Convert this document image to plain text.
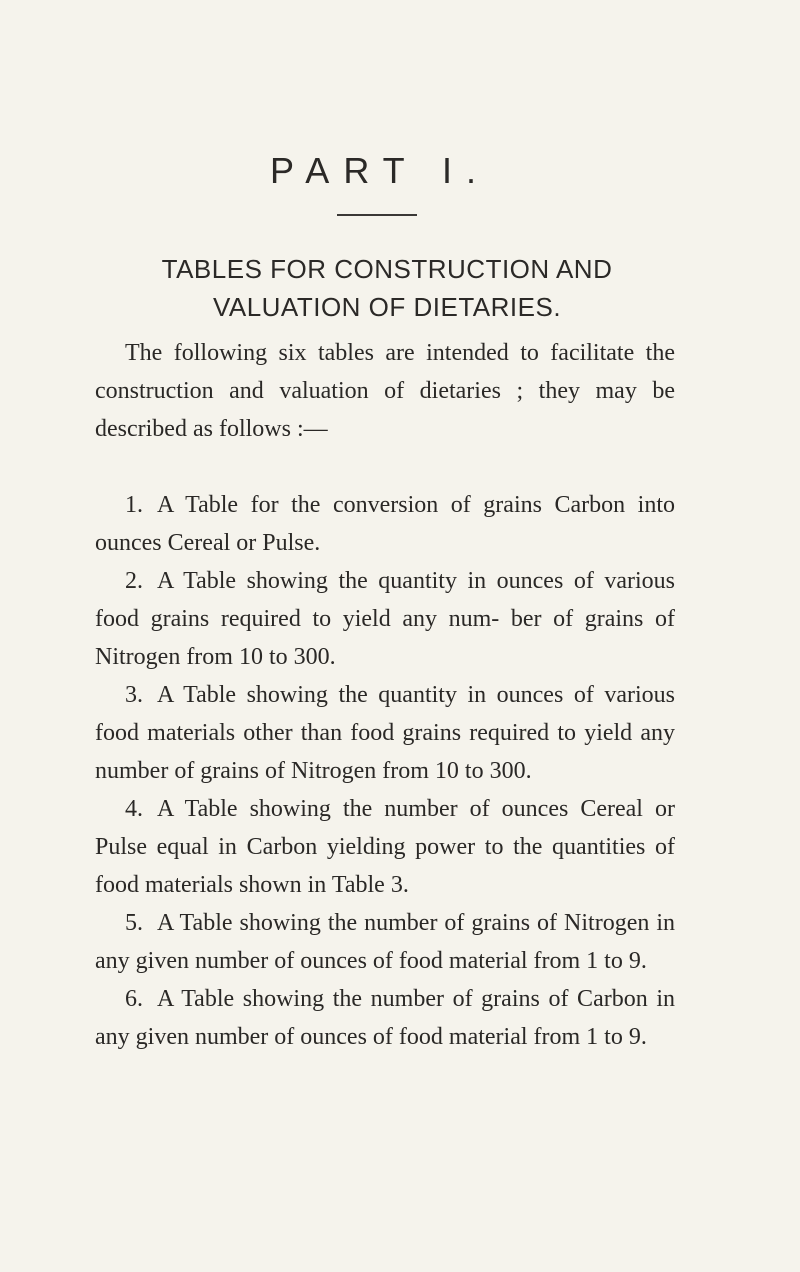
PART I.
TABLES FOR CONSTRUCTION AND VALUATION OF DIETARIES.

The following six tables are intended to facilitate the construction and valuation of dietaries ; they may be described as follows :—

1. A Table for the conversion of grains Carbon into ounces Cereal or Pulse.
2. A Table showing the quantity in ounces of various food grains required to yield any num- ber of grains of Nitrogen from 10 to 300.
3. A Table showing the quantity in ounces of various food materials other than food grains required to yield any number of grains of Nitrogen from 10 to 300.
4. A Table showing the number of ounces Cereal or Pulse equal in Carbon yielding power to the quantities of food materials shown in Table 3.
5. A Table showing the number of grains of Nitrogen in any given number of ounces of food material from 1 to 9.
6. A Table showing the number of grains of Carbon in any given number of ounces of food material from 1 to 9.
